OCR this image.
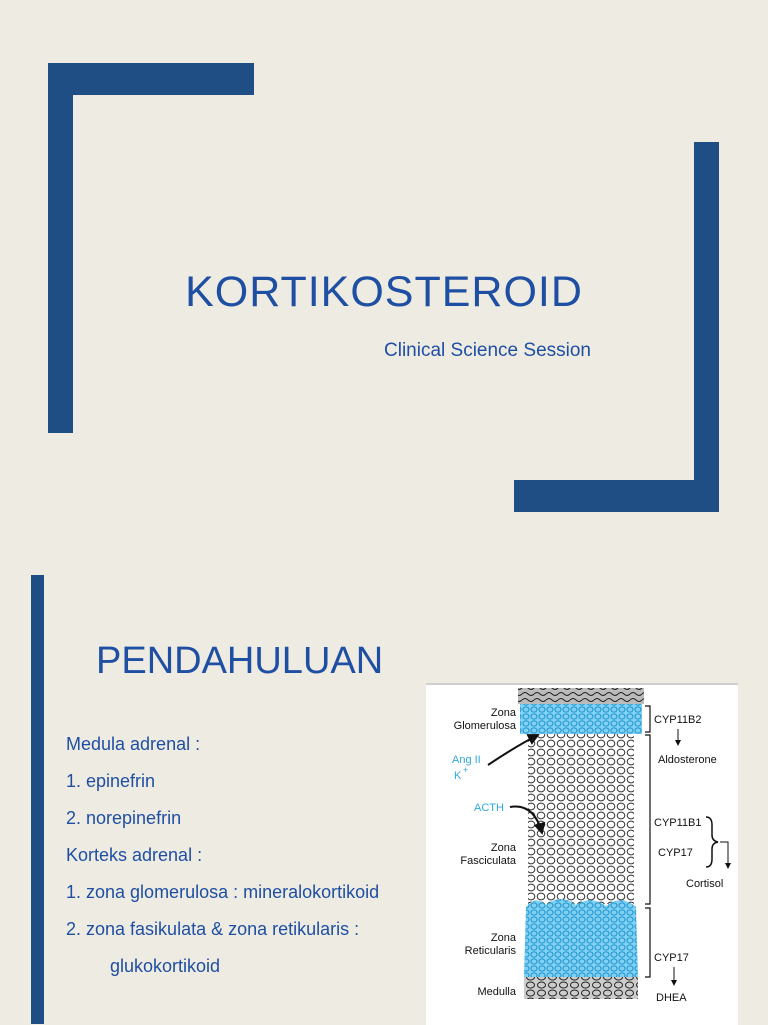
KORTIKOSTEROID
Clinical Science Session
PENDAHULUAN
Medula adrenal :
1. epinefrin
2. norepinefrin
Korteks adrenal :
1. zona glomerulosa : mineralokortikoid
2. zona fasikulata & zona retikularis :
glukokortikoid
Zona
Glomerulosa
Ang II
K +
ACTH
Zona
Fasciculata
Zona
Reticularis
Medulla
CYP11B2
Aldosterone
CYP11B1
CYP17
Cortisol
CYP17
DHEA
